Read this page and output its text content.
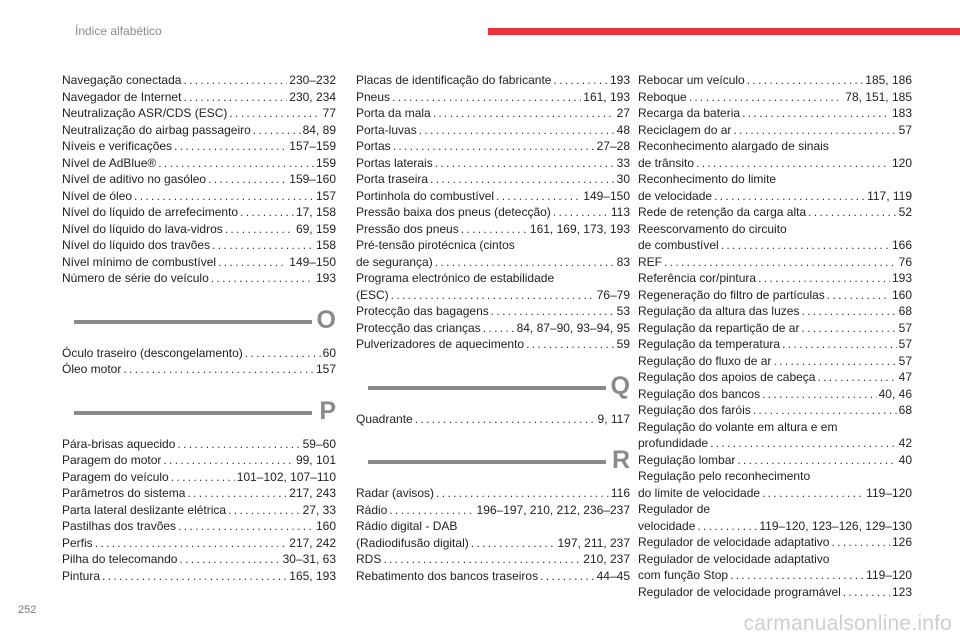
Índice alfabético
252
carmanualsonline.info
Navegação conectada . . .	230–232
Navegador de Internet . . .	230, 234
Neutralização ASR/CDS (ESC) . . .	77
Neutralização do airbag passageiro . . .	84, 89
Níveis e verificações . . .	157–159
Nível de AdBlue® . . .	159
Nível de aditivo no gasóleo . . .	159–160
Nível de óleo . . .	157
Nível do líquido de arrefecimento . . .	17, 158
Nível do líquido do lava-vidros . . .	69, 159
Nível do líquido dos travões . . .	158
Nível mínimo de combustível . . .	149–150
Número de série do veículo . . .	193
O
Óculo traseiro (descongelamento) . . .	60
Óleo motor . . .	157
P
Pára-brisas aquecido . . .	59–60
Paragem do motor . . .	99, 101
Paragem do veículo . . .	101–102, 107–110
Parâmetros do sistema . . .	217, 243
Parta lateral deslizante elétrica . . .	27, 33
Pastilhas dos travões . . .	160
Perfis . . .	217, 242
Pilha do telecomando . . .	30–31, 63
Pintura . . .	165, 193
Placas de identificação do fabricante . . .	193
Pneus . . .	161, 193
Porta da mala . . .	27
Porta-luvas . . .	48
Portas . . .	27–28
Portas laterais . . .	33
Porta traseira . . .	30
Portinhola do combustível . . .	149–150
Pressão baixa dos pneus (detecção) . . .	113
Pressão dos pneus . . .	161, 169, 173, 193
Pré-tensão pirotécnica (cintos
de segurança) . . .	83
Programa electrónico de estabilidade
(ESC) . . .	76–79
Protecção das bagagens . . .	53
Protecção das crianças . . .	84, 87–90, 93–94, 95
Pulverizadores de aquecimento . . .	59
Q
Quadrante . . .	9, 117
R
Radar (avisos) . . .	116
Rádio . . .	196–197, 210, 212, 236–237
Rádio digital - DAB
(Radiodifusão digital) . . .	197, 211, 237
RDS . . .	210, 237
Rebatimento dos bancos traseiros . . .	44–45
Rebocar um veículo . . .	185, 186
Reboque . . .	78, 151, 185
Recarga da bateria . . .	183
Reciclagem do ar . . .	57
Reconhecimento alargado de sinais
de trânsito . . .	120
Reconhecimento do limite
de velocidade . . .	117, 119
Rede de retenção da carga alta . . .	52
Reescorvamento do circuito
de combustível . . .	166
REF . . .	76
Referência cor/pintura . . .	193
Regeneração do filtro de partículas . . .	160
Regulação da altura das luzes . . .	68
Regulação da repartição de ar . . .	57
Regulação da temperatura . . .	57
Regulação do fluxo de ar . . .	57
Regulação dos apoios de cabeça . . .	47
Regulação dos bancos . . .	40, 46
Regulação dos faróis . . .	68
Regulação do volante em altura e em
profundidade . . .	42
Regulação lombar . . .	40
Regulação pelo reconhecimento
do limite de velocidade . . .	119–120
Regulador de
velocidade . . .	119–120, 123–126, 129–130
Regulador de velocidade adaptativo . . .	126
Regulador de velocidade adaptativo
com função Stop . . .	119–120
Regulador de velocidade programável . . .	123
